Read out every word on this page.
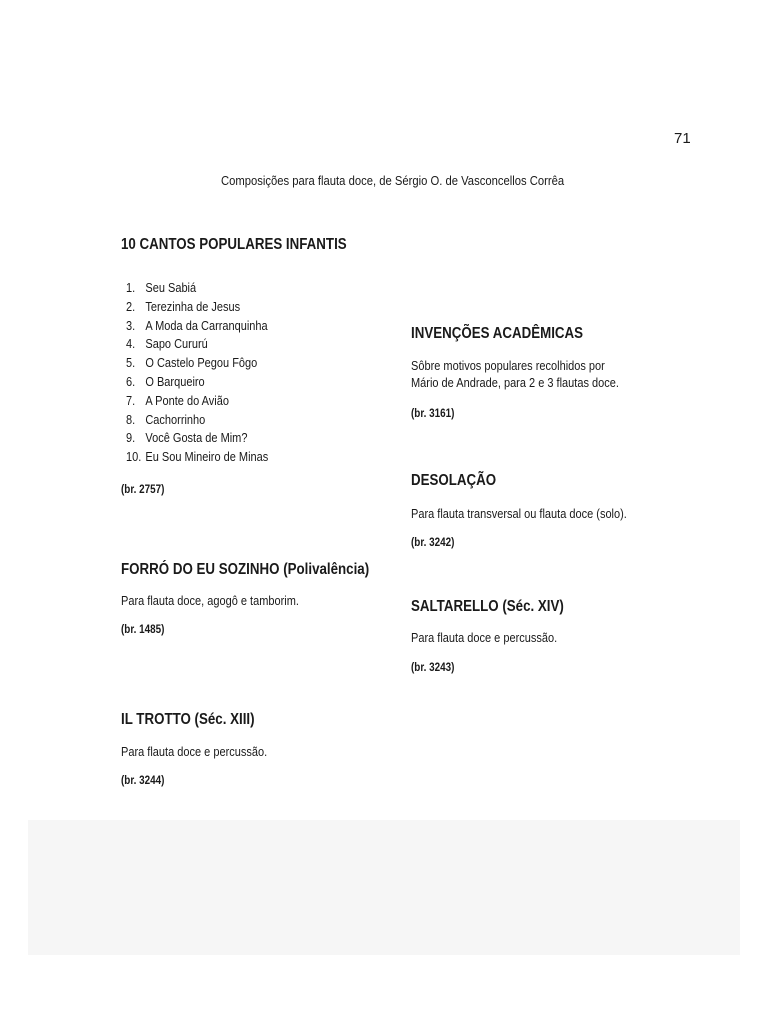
71
Composições para flauta doce, de Sérgio O. de Vasconcellos Corrêa
10 CANTOS POPULARES INFANTIS
1. Seu Sabiá
2. Terezinha de Jesus
3. A Moda da Carranquinha
4. Sapo Cururú
5. O Castelo Pegou Fôgo
6. O Barqueiro
7. A Ponte do Avião
8. Cachorrinho
9. Você Gosta de Mim?
10. Eu Sou Mineiro de Minas
(br. 2757)
FORRÓ DO EU SOZINHO (Polivalência)

Para flauta doce, agogô e tamborim.

(br. 1485)
IL TROTTO (Séc. XIII)

Para flauta doce e percussão.

(br. 3244)
INVENÇÕES ACADÊMICAS

Sôbre motivos populares recolhidos por

Mário de Andrade, para 2 e 3 flautas doce.

(br. 3161)
DESOLAÇÃO

Para flauta transversal ou flauta doce (solo).

(br. 3242)
SALTARELLO (Séc. XIV)

Para flauta doce e percussão.

(br. 3243)
